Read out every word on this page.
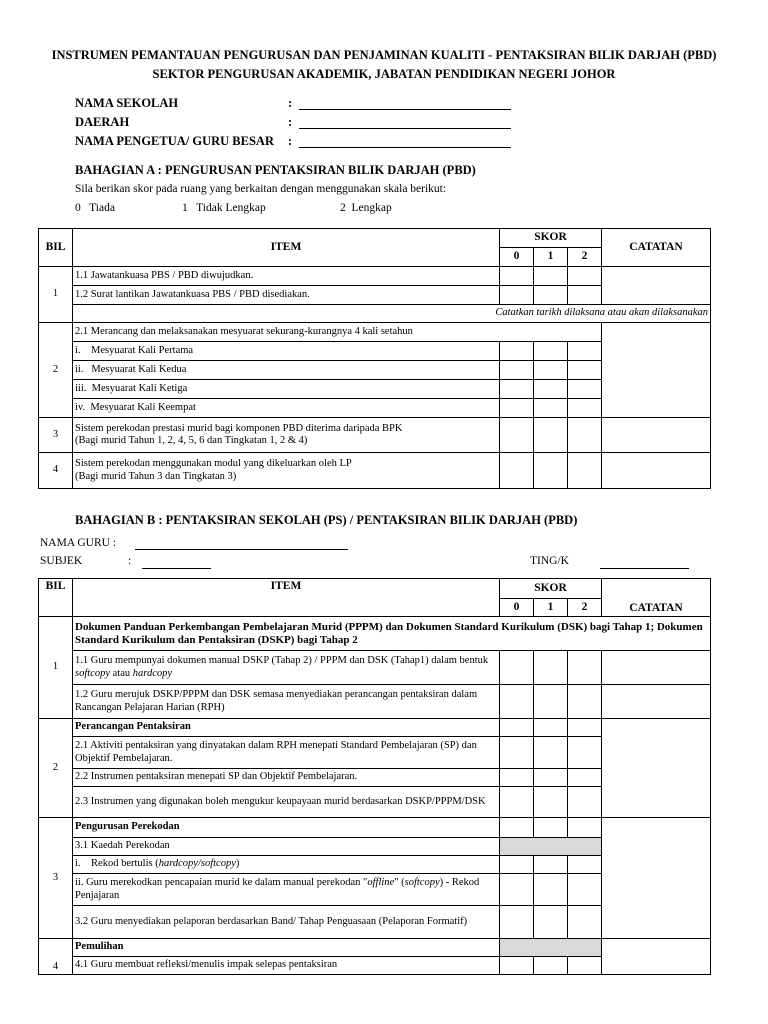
INSTRUMEN PEMANTAUAN PENGURUSAN DAN PENJAMINAN KUALITI - PENTAKSIRAN BILIK DARJAH (PBD)
SEKTOR PENGURUSAN AKADEMIK, JABATAN PENDIDIKAN NEGERI JOHOR
NAMA SEKOLAH	:
DAERAH	:
NAMA PENGETUA/ GURU BESAR :
BAHAGIAN A : PENGURUSAN PENTAKSIRAN BILIK DARJAH (PBD)
Sila berikan skor pada ruang yang berkaitan dengan menggunakan skala berikut:
0   Tiada	1   Tidak Lengkap	2  Lengkap
BIL	ITEM	SKOR			CATATAN
		0	1	2	
1	1.1 Jawatankuasa PBS / PBD diwujudkan.				
	1.2 Surat lantikan Jawatankuasa PBS / PBD disediakan.				
	Catatkan tarikh dilaksana atau akan dilaksanakan				
2	2.1 Merancang dan melaksanakan mesyuarat sekurang-kurangnya 4 kali setahun				
	i.    Mesyuarat Kali Pertama				
	ii.   Mesyuarat Kali Kedua				
	iii.  Mesyuarat Kali Ketiga				
	iv.  Mesyuarat Kali Keempat				
3	Sistem perekodan prestasi murid bagi komponen PBD diterima daripada BPK
(Bagi murid Tahun 1, 2, 4, 5, 6 dan Tingkatan 1, 2 & 4)				

4	Sistem perekodan menggunakan modul yang dikeluarkan oleh LP
(Bagi murid Tahun 3 dan Tingkatan 3)				

BAHAGIAN B : PENTAKSIRAN SEKOLAH (PS) / PENTAKSIRAN BILIK DARJAH (PBD)
NAMA GURU :
SUBJEK	:	TING/K
BIL	ITEM	SKOR			CATATAN
		0	1	2	
1	Dokumen Panduan Perkembangan Pembelajaran Murid (PPPM) dan Dokumen Standard Kurikulum (DSK) bagi Tahap 1; Dokumen Standard Kurikulum dan Pentaksiran (DSKP) bagi Tahap 2				
	1.1 Guru mempunyai dokumen manual DSKP (Tahap 2) / PPPM dan DSK (Tahap1) dalam bentuk softcopy atau hardcopy				
	1.2 Guru merujuk DSKP/PPPM dan DSK semasa menyediakan perancangan pentaksiran dalam Rancangan Pelajaran Harian (RPH)				
2	Perancangan Pentaksiran				
	2.1 Aktiviti pentaksiran yang dinyatakan dalam RPH menepati Standard Pembelajaran (SP) dan Objektif Pembelajaran.				
	2.2 Instrumen pentaksiran menepati SP dan Objektif Pembelajaran.				
	2.3 Instrumen yang digunakan boleh mengukur keupayaan murid berdasarkan DSKP/PPPM/DSK				
3	Pengurusan Perekodan				
	3.1 Kaedah Perekodan				
	i.    Rekod bertulis (hardcopy/softcopy)				
	ii. Guru merekodkan pencapaian murid ke dalam manual perekodan "offline" (softcopy) - Rekod Penjajaran				
	3.2 Guru menyediakan pelaporan berdasarkan Band/ Tahap Penguasaan (Pelaporan Formatif)				
4	Pemulihan				
	4.1 Guru membuat refleksi/menulis impak selepas pentaksiran				
